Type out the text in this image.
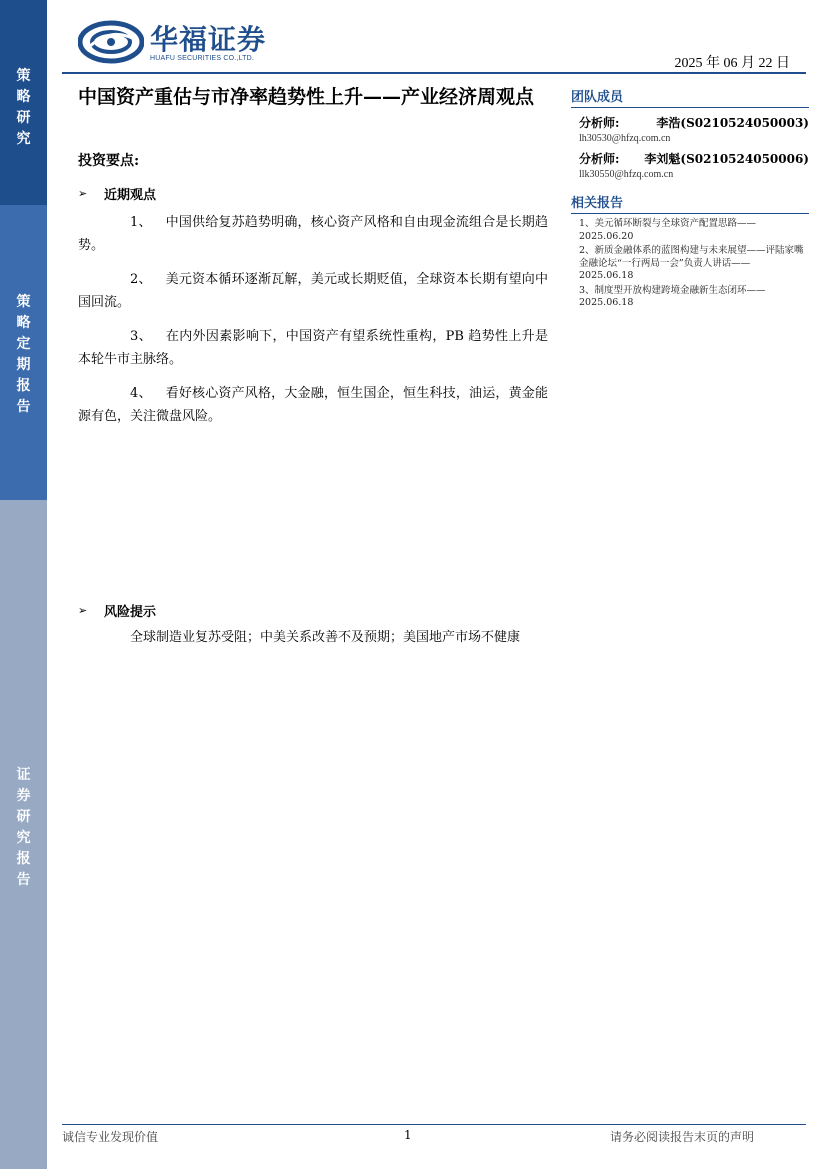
策略研究
策略定期报告
证券研究报告
华福证券
HUAFU SECURITIES CO.,LTD.	2025 年 06 月 22 日
中国资产重估与市净率趋势性上升——产业经济周观点
投资要点:
➢	近期观点
1、 中国供给复苏趋势明确，核心资产风格和自由现金流组合是长期趋势。
2、 美元资本循环逐渐瓦解，美元或长期贬值，全球资本长期有望向中国回流。
3、 在内外因素影响下，中国资产有望系统性重构，PB 趋势性上升是本轮牛市主脉络。
4、 看好核心资产风格，大金融，恒生国企，恒生科技，油运，黄金能源有色，关注微盘风险。
➢	风险提示
全球制造业复苏受阻；中美关系改善不及预期；美国地产市场不健康
团队成员
分析师:	李浩(S0210524050003)
lh30530@hfzq.com.cn
分析师: 李刘魁(S0210524050006)
llk30550@hfzq.com.cn
相关报告
1、美元循环断裂与全球资产配置思路——
2025.06.20
2、新质金融体系的蓝图构建与未来展望——评陆家嘴金融论坛“一行两局一会”负责人讲话——
2025.06.18
3、制度型开放构建跨境金融新生态闭环——
2025.06.18
诚信专业发现价值	1	请务必阅读报告末页的声明
